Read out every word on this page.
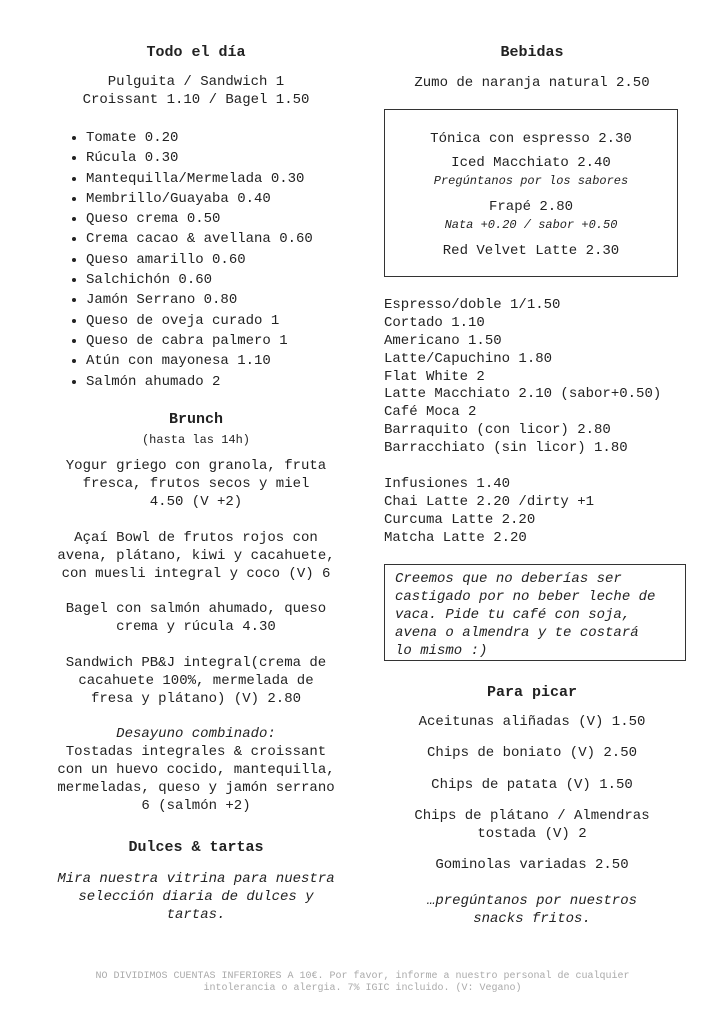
Todo el día
Pulguita / Sandwich 1
Croissant 1.10 / Bagel 1.50
• Tomate 0.20
• Rúcula 0.30
• Mantequilla/Mermelada 0.30
• Membrillo/Guayaba 0.40
• Queso crema 0.50
• Crema cacao & avellana 0.60
• Queso amarillo 0.60
• Salchichón 0.60
• Jamón Serrano 0.80
• Queso de oveja curado 1
• Queso de cabra palmero 1
• Atún con mayonesa 1.10
• Salmón ahumado 2
Brunch
(hasta las 14h)
Yogur griego con granola, fruta
fresca, frutos secos y miel
4.50 (V +2)
Açaí Bowl de frutos rojos con
avena, plátano, kiwi y cacahuete,
con muesli integral y coco (V) 6
Bagel con salmón ahumado, queso
crema y rúcula 4.30
Sandwich PB&J integral(crema de
cacahuete 100%, mermelada de
fresa y plátano) (V) 2.80
Desayuno combinado:
Tostadas integrales & croissant
con un huevo cocido, mantequilla,
mermeladas, queso y jamón serrano
6 (salmón +2)
Dulces & tartas
Mira nuestra vitrina para nuestra
selección diaria de dulces y
tartas.
Bebidas
Zumo de naranja natural 2.50
Tónica con espresso 2.30
Iced Macchiato 2.40
Pregúntanos por los sabores
Frapé 2.80
Nata +0.20 / sabor +0.50
Red Velvet Latte 2.30
Espresso/doble 1/1.50
Cortado 1.10
Americano 1.50
Latte/Capuchino 1.80
Flat White 2
Latte Macchiato 2.10 (sabor+0.50)
Café Moca 2
Barraquito (con licor) 2.80
Barracchiato (sin licor) 1.80
Infusiones 1.40
Chai Latte 2.20 /dirty +1
Curcuma Latte 2.20
Matcha Latte 2.20
Creemos que no deberías ser
castigado por no beber leche de
vaca. Pide tu café con soja,
avena o almendra y te costará
lo mismo :)
Para picar
Aceitunas aliñadas (V) 1.50
Chips de boniato (V) 2.50
Chips de patata (V) 1.50
Chips de plátano / Almendras
tostada (V) 2
Gominolas variadas 2.50
…pregúntanos por nuestros
snacks fritos.
NO DIVIDIMOS CUENTAS INFERIORES A 10€. Por favor, informe a nuestro personal de cualquier
intolerancia o alergia. 7% IGIC incluido. (V: Vegano)
